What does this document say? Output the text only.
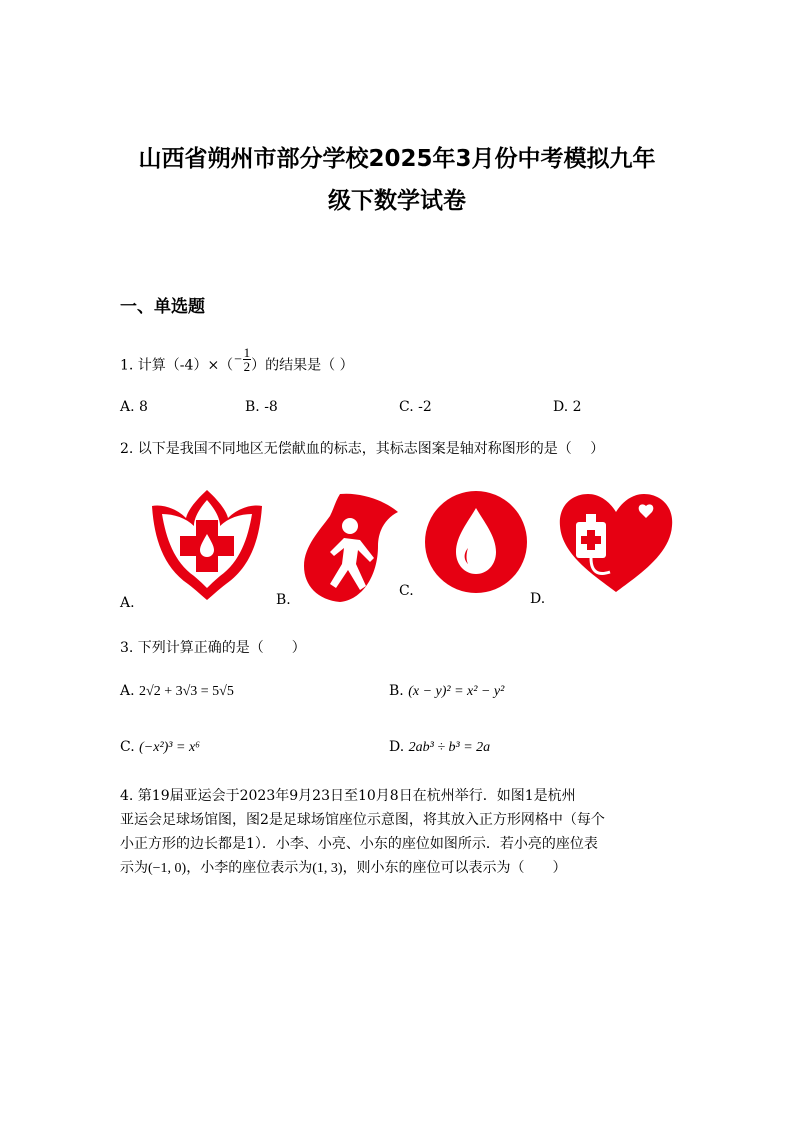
山西省朔州市部分学校2025年3月份中考模拟九年
级下数学试卷
一、单选题
1. 计算$(-4)\times(- \frac{1}{2}$ ）的结果是（ ）
A. 8	B. -8	C. -2	D. 2
2. 以下是我国不同地区无偿献血的标志，其标志图案是轴对称图形的是（　 ）
A.	B.
C.	D.
3. 下列计算正确的是（　　）
A. 2√2 + 3√3 = 5√5	B. (x − y)² = x² − y²
C. (−x²)³ = x⁶	D. 2ab³ ÷ b³ = 2a
4. 第19届亚运会于2023年9月23日至10月8日在杭州举行．如图1是杭州
亚运会足球场馆图，图2是足球场馆座位示意图，将其放入正方形网格中（每个
小正方形的边长都是1）．小李、小亮、小东的座位如图所示．若小亮的座位表
示为(−1, 0)，小李的座位表示为(1, 3)，则小东的座位可以表示为（　　）
